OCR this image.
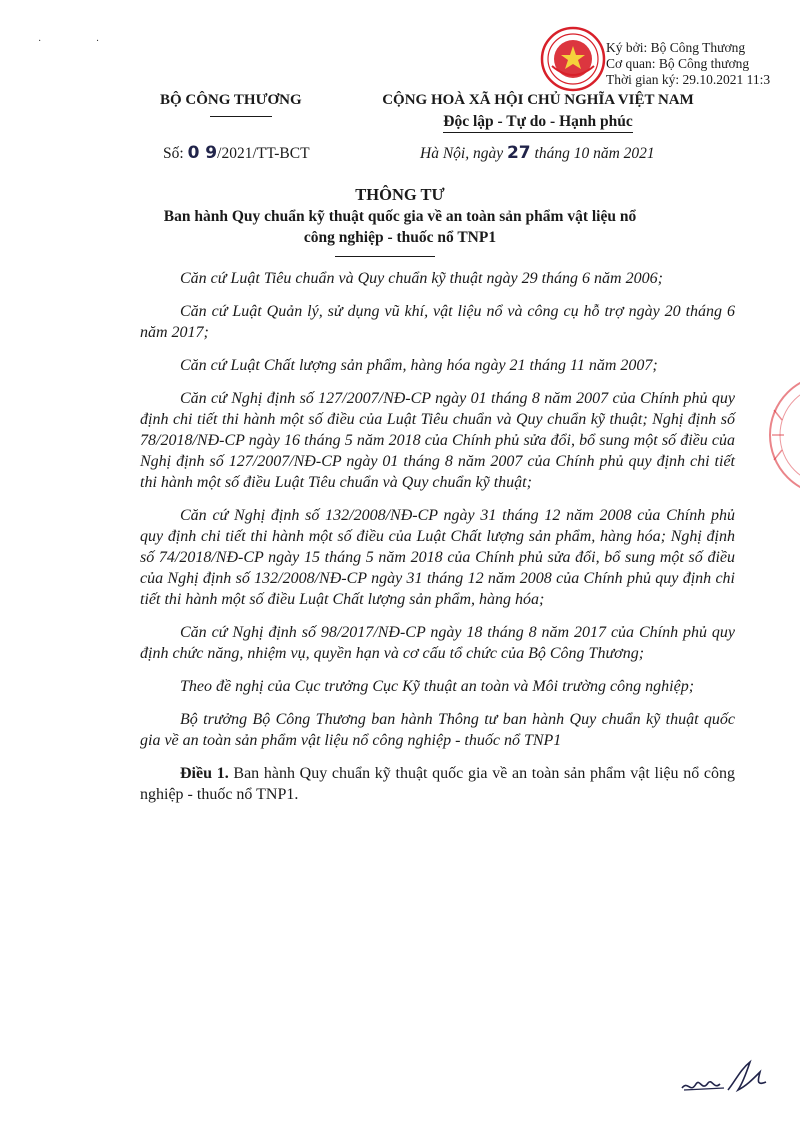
· ·	Ký bởi: Bộ Công Thương
Cơ quan: Bộ Công thương
Thời gian ký: 29.10.2021 11:3
BỘ CÔNG THƯƠNG	CỘNG HOÀ XÃ HỘI CHỦ NGHĨA VIỆT NAM
Độc lập - Tự do - Hạnh phúc
Số: 0 9/2021/TT-BCT	Hà Nội, ngày 27 tháng 10 năm 2021
THÔNG TƯ
Ban hành Quy chuẩn kỹ thuật quốc gia về an toàn sản phẩm vật liệu nổ
công nghiệp - thuốc nổ TNP1

Căn cứ Luật Tiêu chuẩn và Quy chuẩn kỹ thuật ngày 29 tháng 6 năm 2006;

Căn cứ Luật Quản lý, sử dụng vũ khí, vật liệu nổ và công cụ hỗ trợ ngày 20 tháng 6 năm 2017;

Căn cứ Luật Chất lượng sản phẩm, hàng hóa ngày 21 tháng 11 năm 2007;

Căn cứ Nghị định số 127/2007/NĐ-CP ngày 01 tháng 8 năm 2007 của Chính phủ quy định chi tiết thi hành một số điều của Luật Tiêu chuẩn và Quy chuẩn kỹ thuật; Nghị định số 78/2018/NĐ-CP ngày 16 tháng 5 năm 2018 của Chính phủ sửa đổi, bổ sung một số điều của Nghị định số 127/2007/NĐ-CP ngày 01 tháng 8 năm 2007 của Chính phủ quy định chi tiết thi hành một số điều Luật Tiêu chuẩn và Quy chuẩn kỹ thuật;

Căn cứ Nghị định số 132/2008/NĐ-CP ngày 31 tháng 12 năm 2008 của Chính phủ quy định chi tiết thi hành một số điều của Luật Chất lượng sản phẩm, hàng hóa; Nghị định số 74/2018/NĐ-CP ngày 15 tháng 5 năm 2018 của Chính phủ sửa đổi, bổ sung một số điều của Nghị định số 132/2008/NĐ-CP ngày 31 tháng 12 năm 2008 của Chính phủ quy định chi tiết thi hành một số điều Luật Chất lượng sản phẩm, hàng hóa;

Căn cứ Nghị định số 98/2017/NĐ-CP ngày 18 tháng 8 năm 2017 của Chính phủ quy định chức năng, nhiệm vụ, quyền hạn và cơ cấu tổ chức của Bộ Công Thương;

Theo đề nghị của Cục trưởng Cục Kỹ thuật an toàn và Môi trường công nghiệp;

Bộ trưởng Bộ Công Thương ban hành Thông tư ban hành Quy chuẩn kỹ thuật quốc gia về an toàn sản phẩm vật liệu nổ công nghiệp - thuốc nổ TNP1

Điều 1. Ban hành Quy chuẩn kỹ thuật quốc gia về an toàn sản phẩm vật liệu nổ công nghiệp - thuốc nổ TNP1.
